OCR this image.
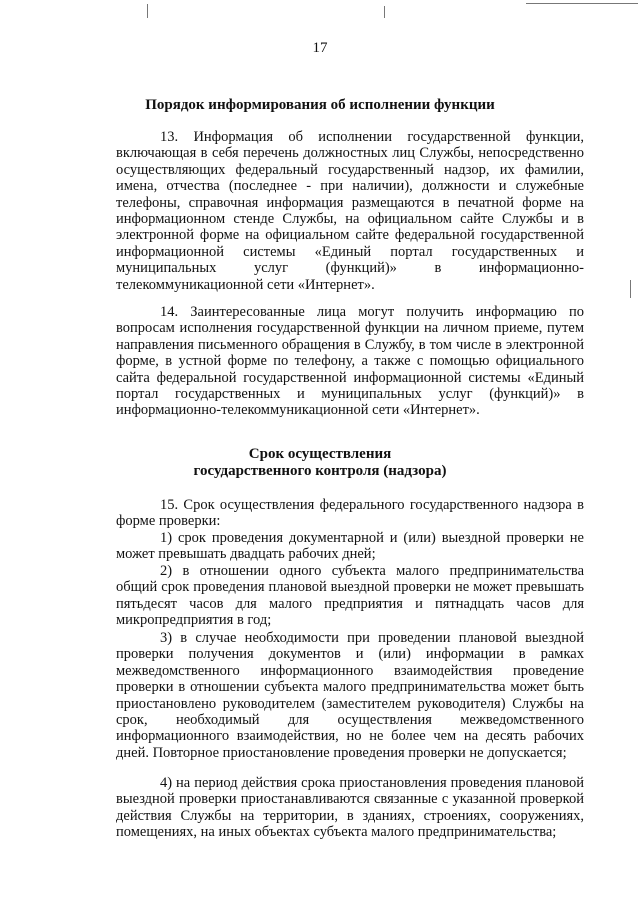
17
Порядок информирования об исполнении функции
13. Информация об исполнении государственной функции, включающая в себя перечень должностных лиц Службы, непосредственно осуществляющих федеральный государственный надзор, их фамилии, имена, отчества (последнее - при наличии), должности и служебные телефоны, справочная информация размещаются в печатной форме на информационном стенде Службы, на официальном сайте Службы и в электронной форме на официальном сайте федеральной государственной информационной системы «Единый портал государственных и муниципальных услуг (функций)» в информационно-телекоммуникационной сети «Интернет».
14. Заинтересованные лица могут получить информацию по вопросам исполнения государственной функции на личном приеме, путем направления письменного обращения в Службу, в том числе в электронной форме, в устной форме по телефону, а также с помощью официального сайта федеральной государственной информационной системы «Единый портал государственных и муниципальных услуг (функций)» в информационно-телекоммуникационной сети «Интернет».
Срок осуществления
государственного контроля (надзора)
15. Срок осуществления федерального государственного надзора в форме проверки:
1) срок проведения документарной и (или) выездной проверки не может превышать двадцать рабочих дней;
2) в отношении одного субъекта малого предпринимательства общий срок проведения плановой выездной проверки не может превышать пятьдесят часов для малого предприятия и пятнадцать часов для микропредприятия в год;
3) в случае необходимости при проведении плановой выездной проверки получения документов и (или) информации в рамках межведомственного информационного взаимодействия проведение проверки в отношении субъекта малого предпринимательства может быть приостановлено руководителем (заместителем руководителя) Службы на срок, необходимый для осуществления межведомственного информационного взаимодействия, но не более чем на десять рабочих дней. Повторное приостановление проведения проверки не допускается;
4) на период действия срока приостановления проведения плановой выездной проверки приостанавливаются связанные с указанной проверкой действия Службы на территории, в зданиях, строениях, сооружениях, помещениях, на иных объектах субъекта малого предпринимательства;
